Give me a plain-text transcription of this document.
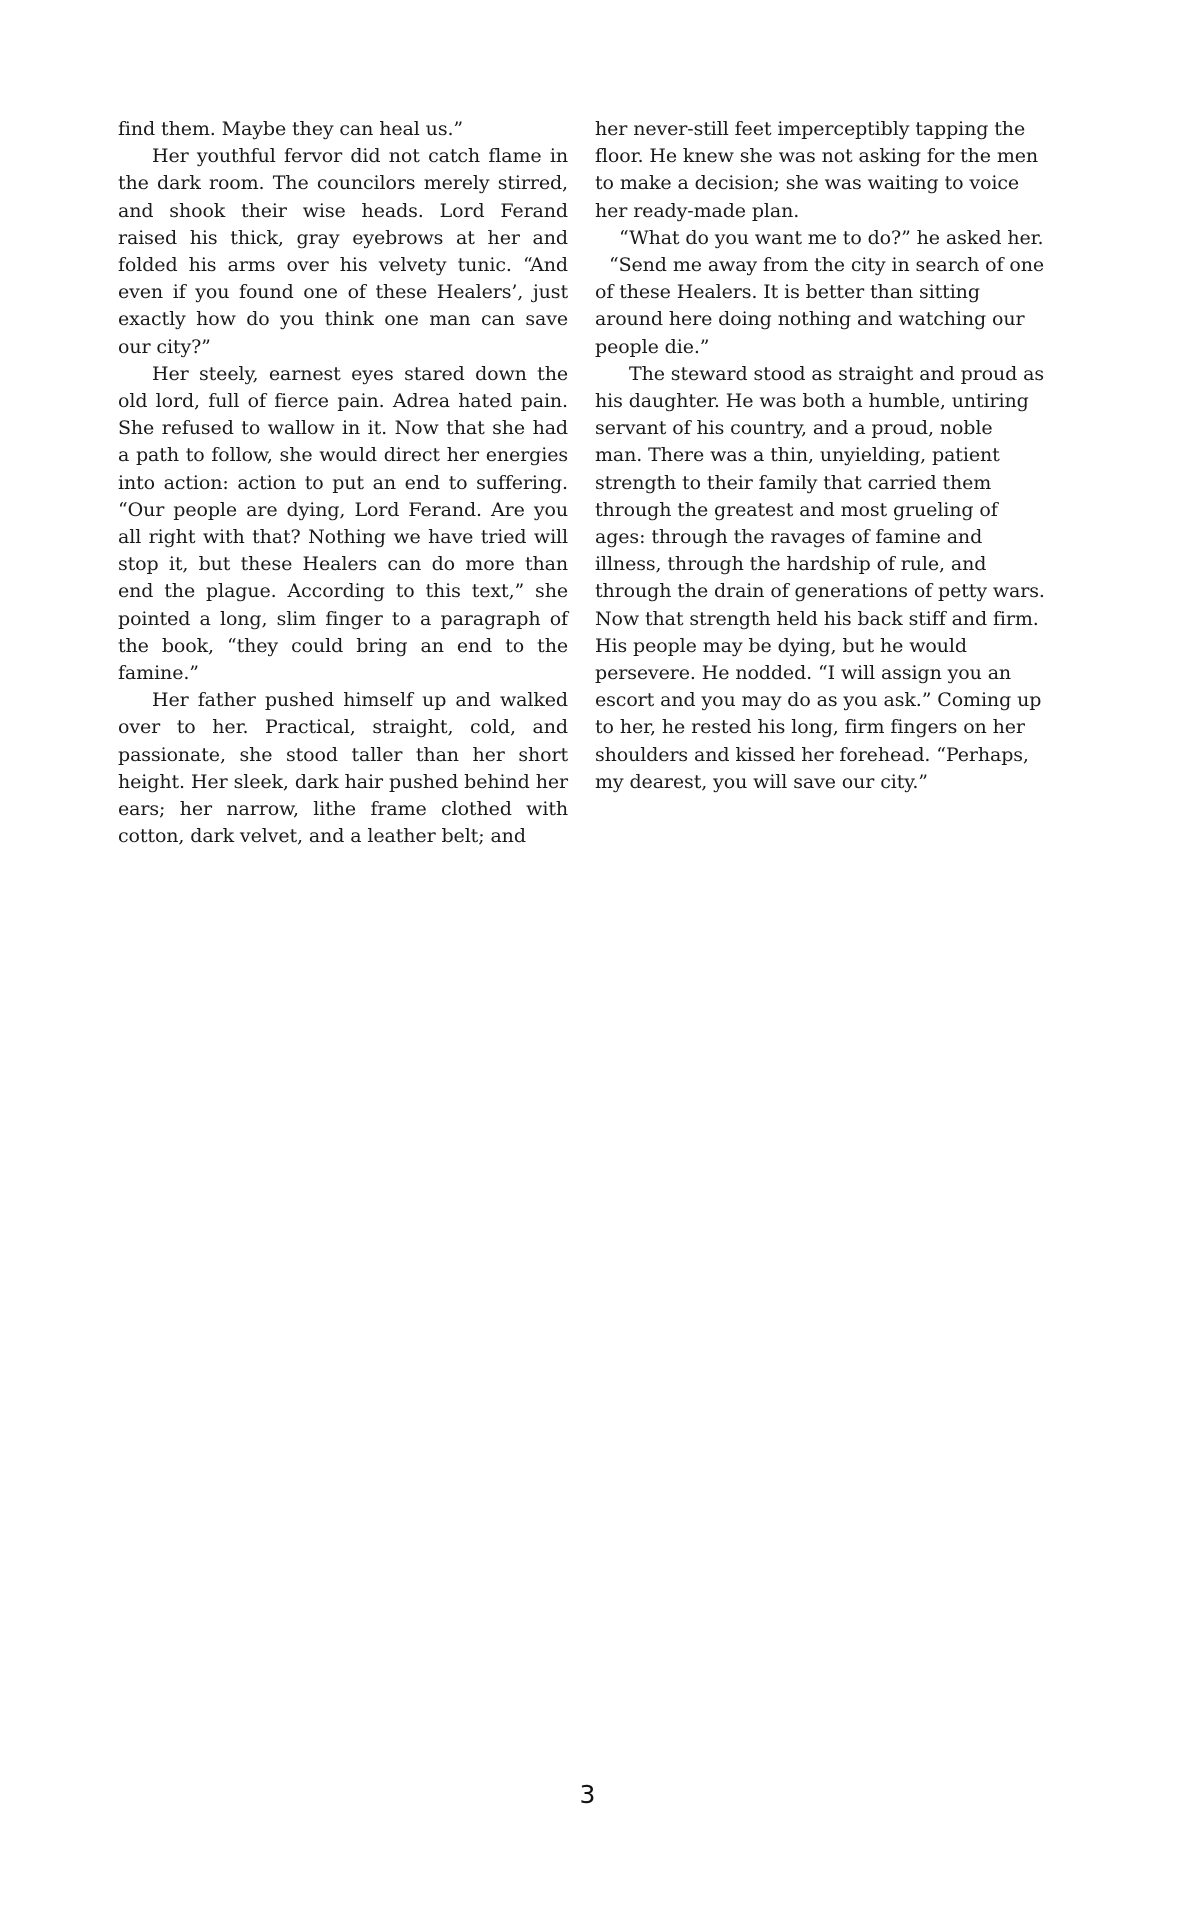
find them. Maybe they can heal us.”

Her youthful fervor did not catch flame in the dark room. The councilors merely stirred, and shook their wise heads. Lord Ferand raised his thick, gray eyebrows at her and folded his arms over his velvety tunic. “And even if you found one of these Healers’, just exactly how do you think one man can save our city?”

Her steely, earnest eyes stared down the old lord, full of fierce pain. Adrea hated pain. She refused to wallow in it. Now that she had a path to follow, she would direct her energies into action: action to put an end to suffering. “Our people are dying, Lord Ferand. Are you all right with that? Nothing we have tried will stop it, but these Healers can do more than end the plague. According to this text,” she pointed a long, slim finger to a paragraph of the book, “they could bring an end to the famine.”

Her father pushed himself up and walked over to her. Practical, straight, cold, and passionate, she stood taller than her short height. Her sleek, dark hair pushed behind her ears; her narrow, lithe frame clothed with cotton, dark velvet, and a leather belt; and

her never-still feet imperceptibly tapping the floor. He knew she was not asking for the men to make a decision; she was waiting to voice her ready-made plan.

“What do you want me to do?” he asked her.

“Send me away from the city in search of one of these Healers. It is better than sitting around here doing nothing and watching our people die.”

The steward stood as straight and proud as his daughter. He was both a humble, untiring servant of his country, and a proud, noble man. There was a thin, unyielding, patient strength to their family that carried them through the greatest and most grueling of ages: through the ravages of famine and illness, through the hardship of rule, and through the drain of generations of petty wars. Now that strength held his back stiff and firm. His people may be dying, but he would persevere. He nodded. “I will assign you an escort and you may do as you ask.” Coming up to her, he rested his long, firm fingers on her shoulders and kissed her forehead. “Perhaps, my dearest, you will save our city.”

3
